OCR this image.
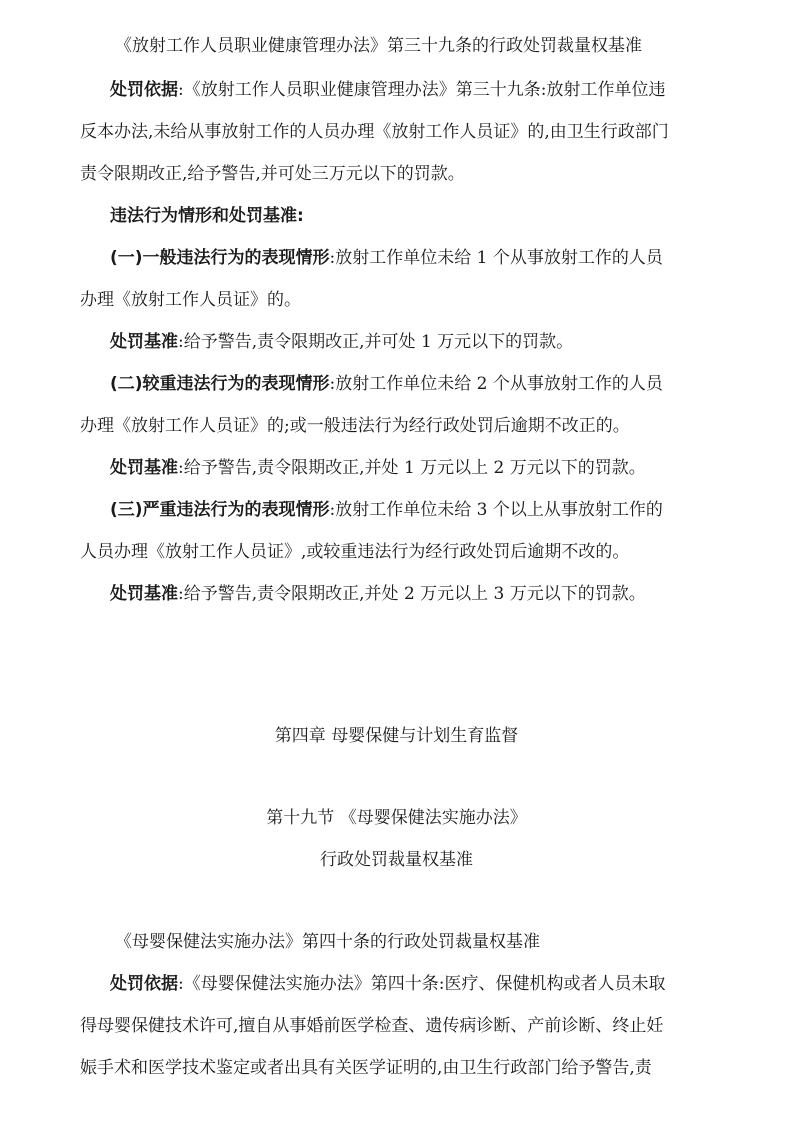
《放射工作人员职业健康管理办法》第三十九条的行政处罚裁量权基准
处罚依据:《放射工作人员职业健康管理办法》第三十九条:放射工作单位违
反本办法,未给从事放射工作的人员办理《放射工作人员证》的,由卫生行政部门
责令限期改正,给予警告,并可处三万元以下的罚款。
违法行为情形和处罚基准:
(一)一般违法行为的表现情形:放射工作单位未给 1 个从事放射工作的人员
办理《放射工作人员证》的。
处罚基准:给予警告,责令限期改正,并可处 1 万元以下的罚款。
(二)较重违法行为的表现情形:放射工作单位未给 2 个从事放射工作的人员
办理《放射工作人员证》的;或一般违法行为经行政处罚后逾期不改正的。
处罚基准:给予警告,责令限期改正,并处 1 万元以上 2 万元以下的罚款。
(三)严重违法行为的表现情形:放射工作单位未给 3 个以上从事放射工作的
人员办理《放射工作人员证》,或较重违法行为经行政处罚后逾期不改的。
处罚基准:给予警告,责令限期改正,并处 2 万元以上 3 万元以下的罚款。
第四章 母婴保健与计划生育监督
第十九节 《母婴保健法实施办法》
行政处罚裁量权基准
《母婴保健法实施办法》第四十条的行政处罚裁量权基准
处罚依据:《母婴保健法实施办法》第四十条:医疗、保健机构或者人员未取
得母婴保健技术许可,擅自从事婚前医学检查、遗传病诊断、产前诊断、终止妊
娠手术和医学技术鉴定或者出具有关医学证明的,由卫生行政部门给予警告,责
